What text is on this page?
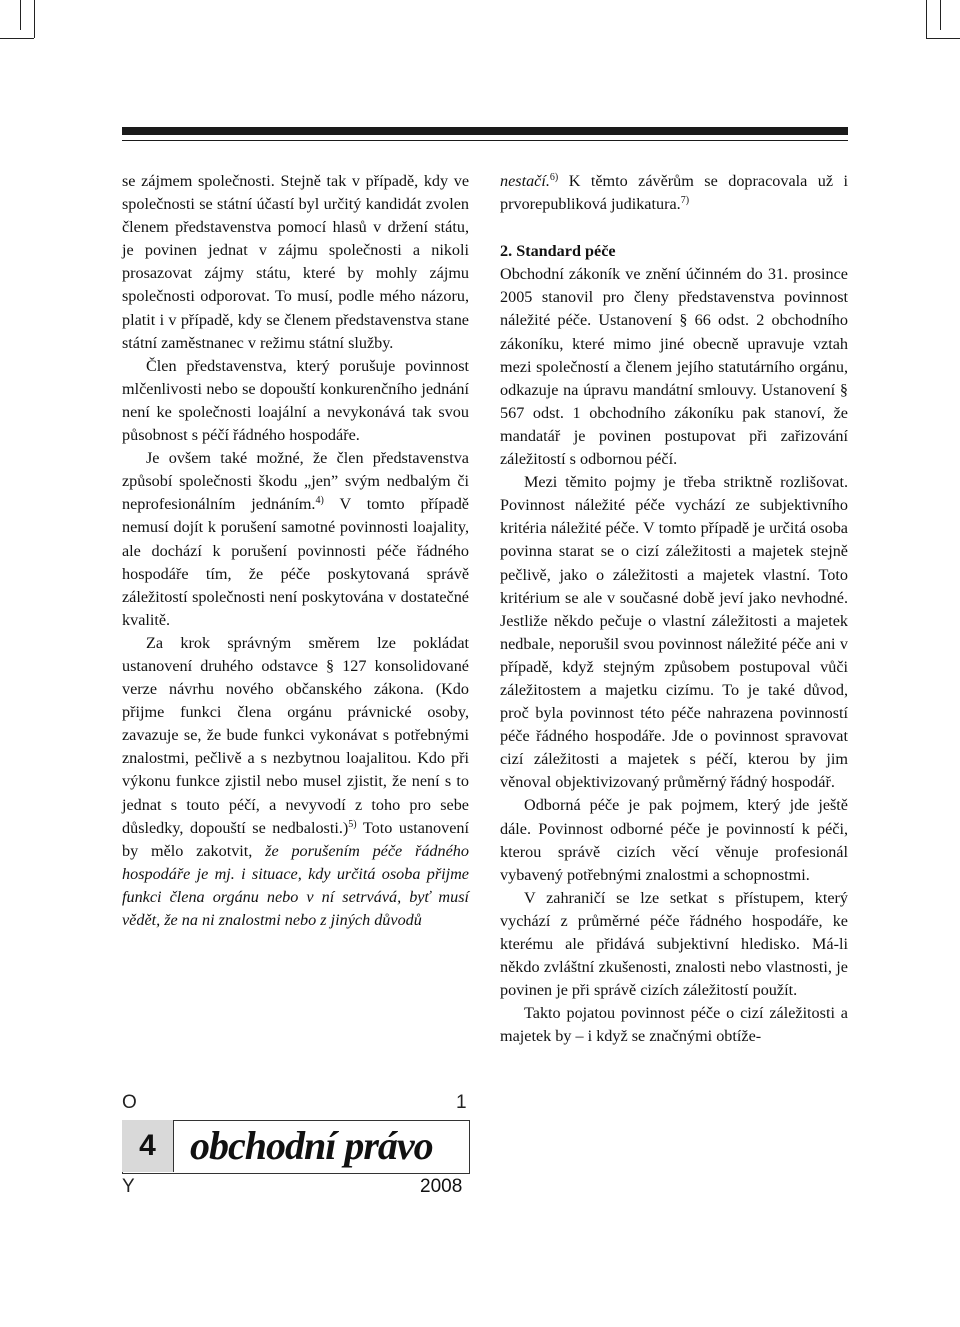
se zájmem společnosti. Stejně tak v případě, kdy ve společnosti se státní účastí byl určitý kandidát zvolen členem představenstva pomocí hlasů v držení státu, je povinen jednat v zájmu společnosti a nikoli prosazovat zájmy státu, které by mohly zájmu společnosti odporovat. To musí, podle mého názoru, platit i v případě, kdy se členem představenstva stane státní zaměstnanec v režimu státní služby.

Člen představenstva, který porušuje povinnost mlčenlivosti nebo se dopouští konkurenčního jednání není ke společnosti loajální a nevykonává tak svou působnost s péčí řádného hospodáře.

Je ovšem také možné, že člen představenstva způsobí společnosti škodu „jen” svým nedbalým či neprofesionálním jednáním.$^{4)}$ V tomto případě nemusí dojít k porušení samotné povinnosti loajality, ale dochází k porušení povinnosti péče řádného hospodáře tím, že péče poskytovaná správě záležitostí společnosti není poskytována v dostatečné kvalitě.

Za krok správným směrem lze pokládat ustanovení druhého odstavce § 127 konsolidované verze návrhu nového občanského zákona. (Kdo přijme funkci člena orgánu právnické osoby, zavazuje se, že bude funkci vykonávat s potřebnými znalostmi, pečlivě a s nezbytnou loajalitou. Kdo při výkonu funkce zjistil nebo musel zjistit, že není s to jednat s touto péčí, a nevyvodí z toho pro sebe důsledky, dopouští se nedbalosti.)$^{5)}$ Toto ustanovení by mělo zakotvit, že porušením péče řádného hospodáře je mj. i situace, kdy určitá osoba přijme funkci člena orgánu nebo v ní setrvává, byť musí vědět, že na ni znalostmi nebo z jiných důvodů

nestačí.$^{6)}$ K těmto závěrům se dopracovala už i prvorepubliková judikatura.$^{7)}$

2. Standard péče

Obchodní zákoník ve znění účinném do 31. prosince 2005 stanovil pro členy představenstva povinnost náležité péče. Ustanovení § 66 odst. 2 obchodního zákoníku, které mimo jiné obecně upravuje vztah mezi společností a členem jejího statutárního orgánu, odkazuje na úpravu mandátní smlouvy. Ustanovení § 567 odst. 1 obchodního zákoníku pak stanoví, že mandatář je povinen postupovat při zařizování záležitostí s odbornou péčí.

Mezi těmito pojmy je třeba striktně rozlišovat. Povinnost náležité péče vychází ze subjektivního kritéria náležité péče. V tomto případě je určitá osoba povinna starat se o cizí záležitosti a majetek stejně pečlivě, jako o záležitosti a majetek vlastní. Toto kritérium se ale v současné době jeví jako nevhodné. Jestliže někdo pečuje o vlastní záležitosti a majetek nedbale, neporušil svou povinnost náležité péče ani v případě, když stejným způsobem postupoval vůči záležitostem a majetku cizímu. To je také důvod, proč byla povinnost této péče nahrazena povinností péče řádného hospodáře. Jde o povinnost spravovat cizí záležitosti a majetek s péčí, kterou by jim věnoval objektivizovaný průměrný řádný hospodář.

Odborná péče je pak pojmem, který jde ještě dále. Povinnost odborné péče je povinností k péči, kterou správě cizích věcí věnuje profesionál vybavený potřebnými znalostmi a schopnostmi.

V zahraničí se lze setkat s přístupem, který vychází z průměrné péče řádného hospodáře, ke kterému ale přidává subjektivní hledisko. Má-li někdo zvláštní zkušenosti, znalosti nebo vlastnosti, je povinen je při správě cizích záležitostí použít.

Takto pojatou povinnost péče o cizí záležitosti a majetek by – i když se značnými obtíže-

O	1
4 obchodní právo
Y	2008
